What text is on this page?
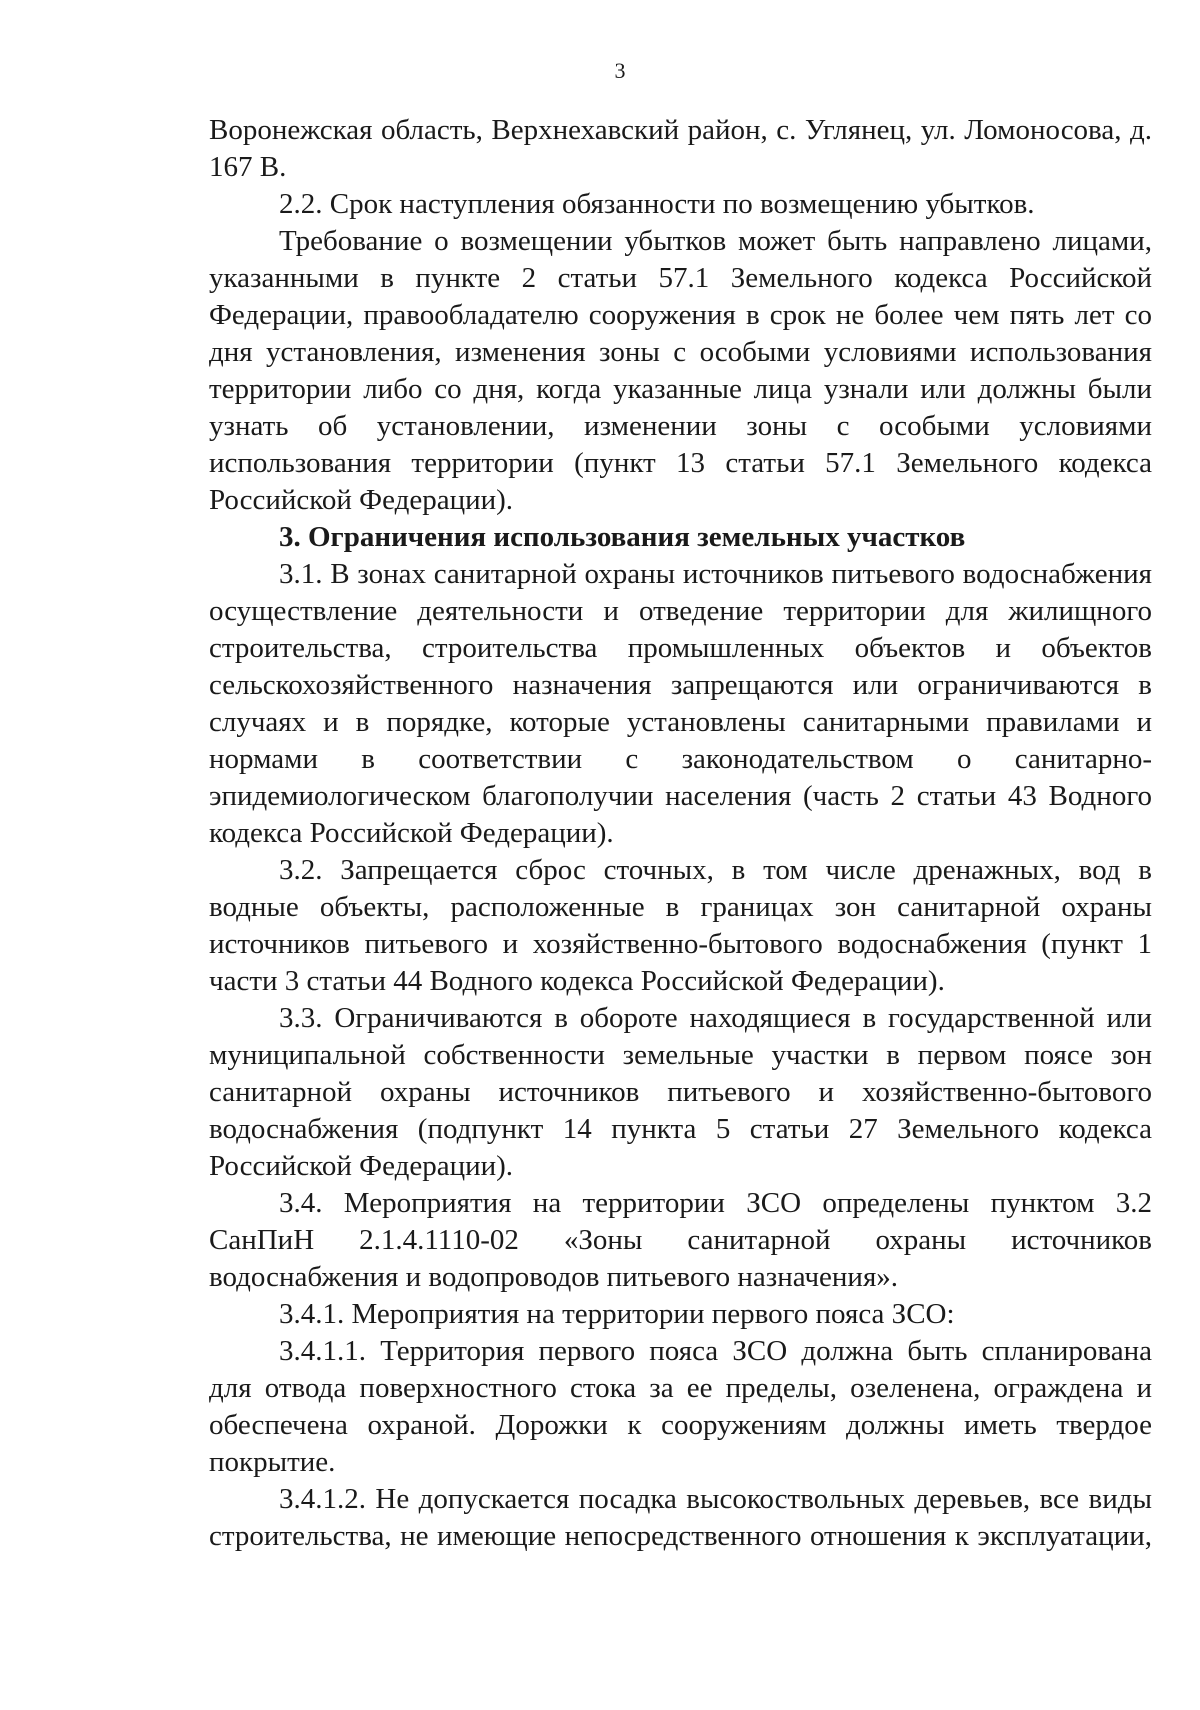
3

Воронежская область, Верхнехавский район, с. Углянец, ул. Ломоносова, д. 167 В.

2.2. Срок наступления обязанности по возмещению убытков.

Требование о возмещении убытков может быть направлено лицами, указанными в пункте 2 статьи 57.1 Земельного кодекса Российской Федерации, правообладателю сооружения в срок не более чем пять лет со дня установления, изменения зоны с особыми условиями использования территории либо со дня, когда указанные лица узнали или должны были узнать об установлении, изменении зоны с особыми условиями использования территории (пункт 13 статьи 57.1 Земельного кодекса Российской Федерации).

3. Ограничения использования земельных участков

3.1. В зонах санитарной охраны источников питьевого водоснабжения осуществление деятельности и отведение территории для жилищного строительства, строительства промышленных объектов и объектов сельскохозяйственного назначения запрещаются или ограничиваются в случаях и в порядке, которые установлены санитарными правилами и нормами в соответствии с законодательством о санитарно-эпидемиологическом благополучии населения (часть 2 статьи 43 Водного кодекса Российской Федерации).

3.2. Запрещается сброс сточных, в том числе дренажных, вод в водные объекты, расположенные в границах зон санитарной охраны источников питьевого и хозяйственно-бытового водоснабжения (пункт 1 части 3 статьи 44 Водного кодекса Российской Федерации).

3.3. Ограничиваются в обороте находящиеся в государственной или муниципальной собственности земельные участки в первом поясе зон санитарной охраны источников питьевого и хозяйственно-бытового водоснабжения (подпункт 14 пункта 5 статьи 27 Земельного кодекса Российской Федерации).

3.4. Мероприятия на территории ЗСО определены пунктом 3.2 СанПиН 2.1.4.1110-02 «Зоны санитарной охраны источников водоснабжения и водопроводов питьевого назначения».

3.4.1. Мероприятия на территории первого пояса ЗСО:

3.4.1.1. Территория первого пояса ЗСО должна быть спланирована для отвода поверхностного стока за ее пределы, озеленена, ограждена и обеспечена охраной. Дорожки к сооружениям должны иметь твердое покрытие.

3.4.1.2. Не допускается посадка высокоствольных деревьев, все виды строительства, не имеющие непосредственного отношения к эксплуатации,
